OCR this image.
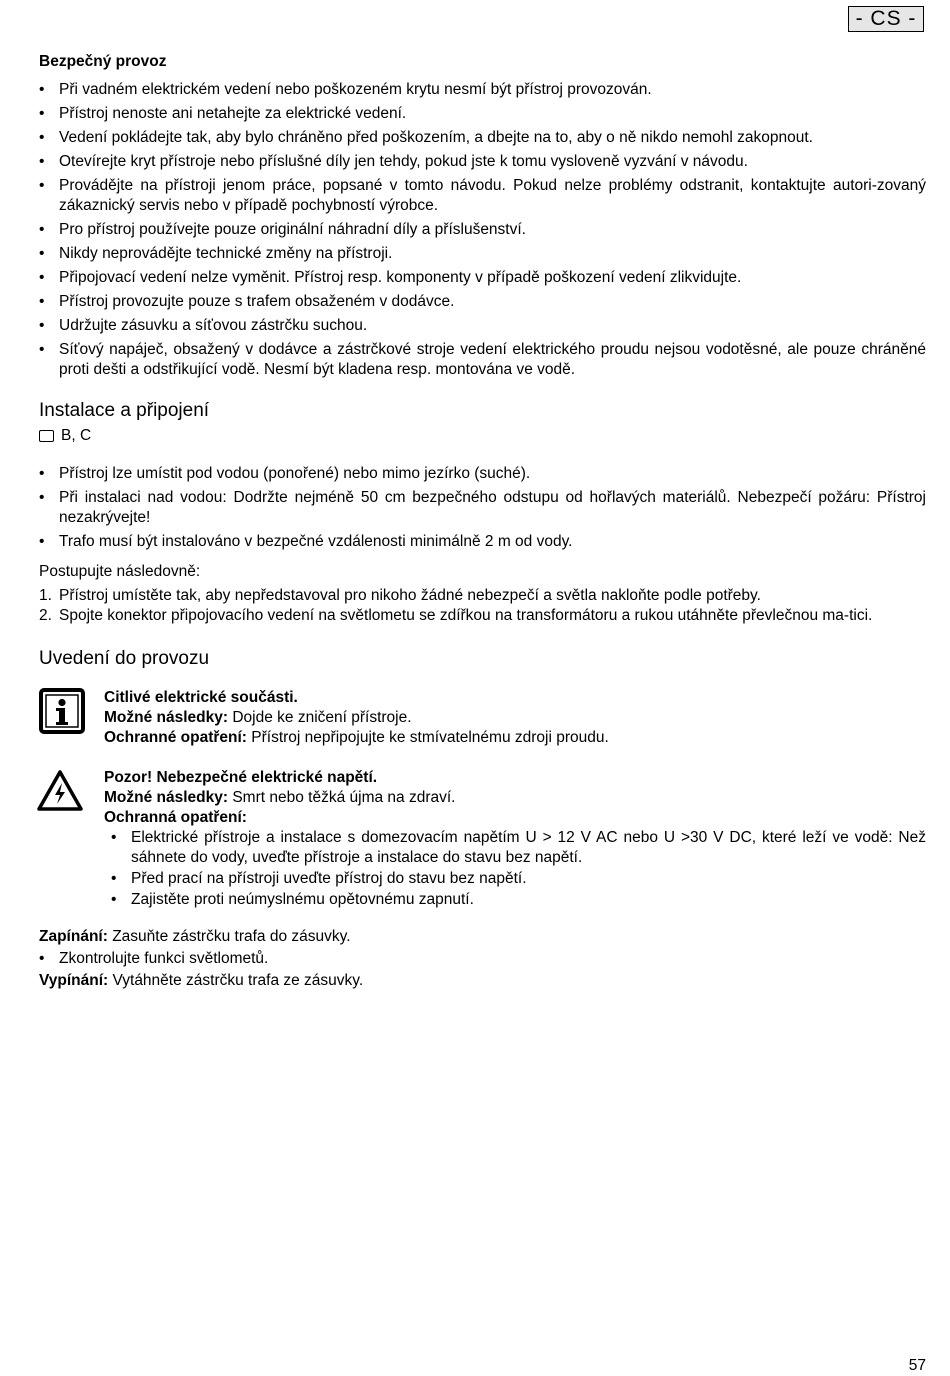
- CS -
Bezpečný provoz
• Při vadném elektrickém vedení nebo poškozeném krytu nesmí být přístroj provozován.
• Přístroj nenoste ani netahejte za elektrické vedení.
• Vedení pokládejte tak, aby bylo chráněno před poškozením, a dbejte na to, aby o ně nikdo nemohl zakopnout.
• Otevírejte kryt přístroje nebo příslušné díly jen tehdy, pokud jste k tomu vysloveně vyzvání v návodu.
• Provádějte na přístroji jenom práce, popsané v tomto návodu. Pokud nelze problémy odstranit, kontaktujte autori-zovaný zákaznický servis nebo v případě pochybností výrobce.
• Pro přístroj používejte pouze originální náhradní díly a příslušenství.
• Nikdy neprovádějte technické změny na přístroji.
• Připojovací vedení nelze vyměnit. Přístroj resp. komponenty v případě poškození vedení zlikvidujte.
• Přístroj provozujte pouze s trafem obsaženém v dodávce.
• Udržujte zásuvku a síťovou zástrčku suchou.
• Síťový napáječ, obsažený v dodávce a zástrčkové stroje vedení elektrického proudu nejsou vodotěsné, ale pouze chráněné proti dešti a odstřikující vodě. Nesmí být kladena resp. montována ve vodě.
Instalace a připojení
B, C
• Přístroj lze umístit pod vodou (ponořené) nebo mimo jezírko (suché).
• Při instalaci nad vodou: Dodržte nejméně 50 cm bezpečného odstupu od hořlavých materiálů. Nebezpečí požáru: Přístroj nezakrývejte!
• Trafo musí být instalováno v bezpečné vzdálenosti minimálně 2 m od vody.

Postupujte následovně:

1. Přístroj umístěte tak, aby nepředstavoval pro nikoho žádné nebezpečí a světla nakloňte podle potřeby.
2. Spojte konektor připojovacího vedení na světlometu se zdířkou na transformátoru a rukou utáhněte převlečnou ma-tici.
Uvedení do provozu
Citlivé elektrické součásti.
Možné následky: Dojde ke zničení přístroje.
Ochranné opatření: Přístroj nepřipojujte ke stmívatelnému zdroji proudu.
Pozor! Nebezpečné elektrické napětí.
Možné následky: Smrt nebo těžká újma na zdraví.
Ochranná opatření:
• Elektrické přístroje a instalace s domezovacím napětím U > 12 V AC nebo U >30 V DC, které leží ve vodě: Než sáhnete do vody, uveďte přístroje a instalace do stavu bez napětí.
• Před prací na přístroji uveďte přístroj do stavu bez napětí.
• Zajistěte proti neúmyslnému opětovnému zapnutí.
Zapínání: Zasuňte zástrčku trafa do zásuvky.
• Zkontrolujte funkci světlometů.
Vypínání: Vytáhněte zástrčku trafa ze zásuvky.
57
